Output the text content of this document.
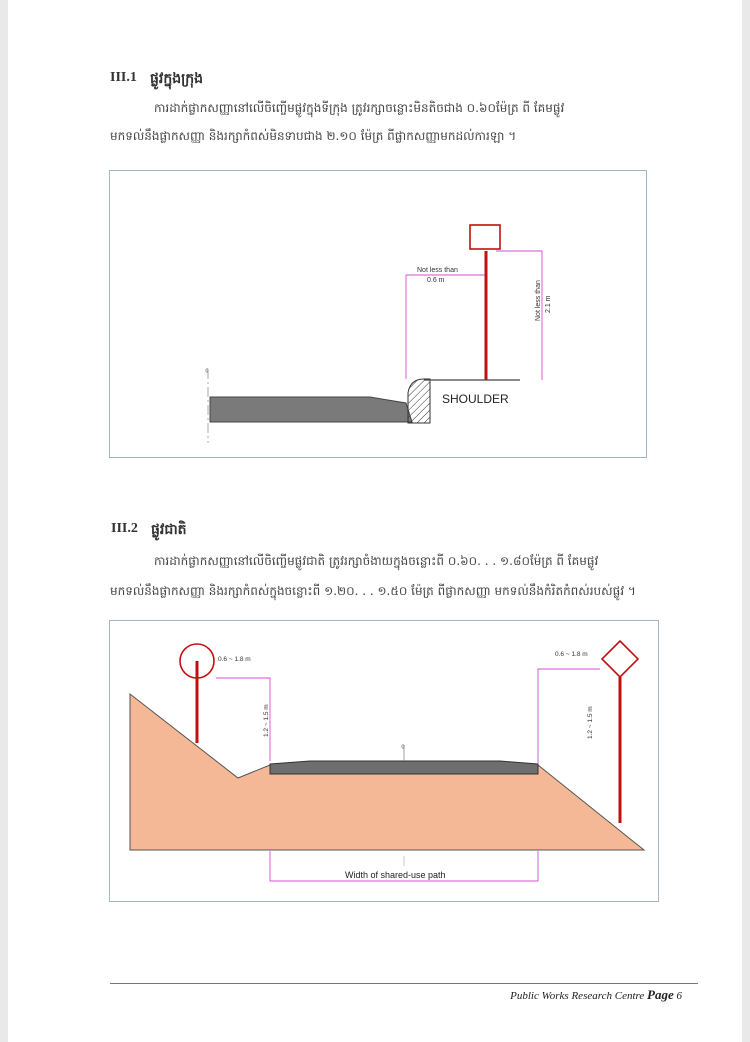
III.1 ផ្លូវក្នុងក្រុង
ការដាក់ផ្លាកសញ្ញានៅលើចិញ្ចើមផ្លូវក្នុងទីក្រុង ត្រូវរក្សាចន្លោះមិនតិចជាង ០.៦០ម៉ែត្រ ពី គែមផ្លូវ
មកទល់នឹងផ្លាកសញ្ញា និងរក្សាកំពស់មិនទាបជាង ២.១០ ម៉ែត្រ ពីផ្លាកសញ្ញាមកដល់ការឡា ។
¢
Not less than
0.6 m	Not less than 2.1 m
SHOULDER
III.2 ផ្លូវជាតិ
ការដាក់ផ្លាកសញ្ញានៅលើចិញ្ចើមផ្លូវជាតិ ត្រូវរក្សាចំងាយក្នុងចន្លោះពី ០.៦០. . . ១.៨០ម៉ែត្រ ពី គែមផ្លូវ
មកទល់នឹងផ្លាកសញ្ញា និងរក្សាកំពស់ក្នុងចន្លោះពី ១.២០. . . ១.៥០ ម៉ែត្រ ពីផ្លាកសញ្ញា មកទល់នឹងកំរិតកំពស់របស់ផ្លូវ ។
¢
0.6 ~ 1.8 m
1.2 ~ 1.5 m
0.6 ~ 1.8 m
1.2 ~ 1.5 m
Width of shared-use path
Public Works Research Centre Page 6
